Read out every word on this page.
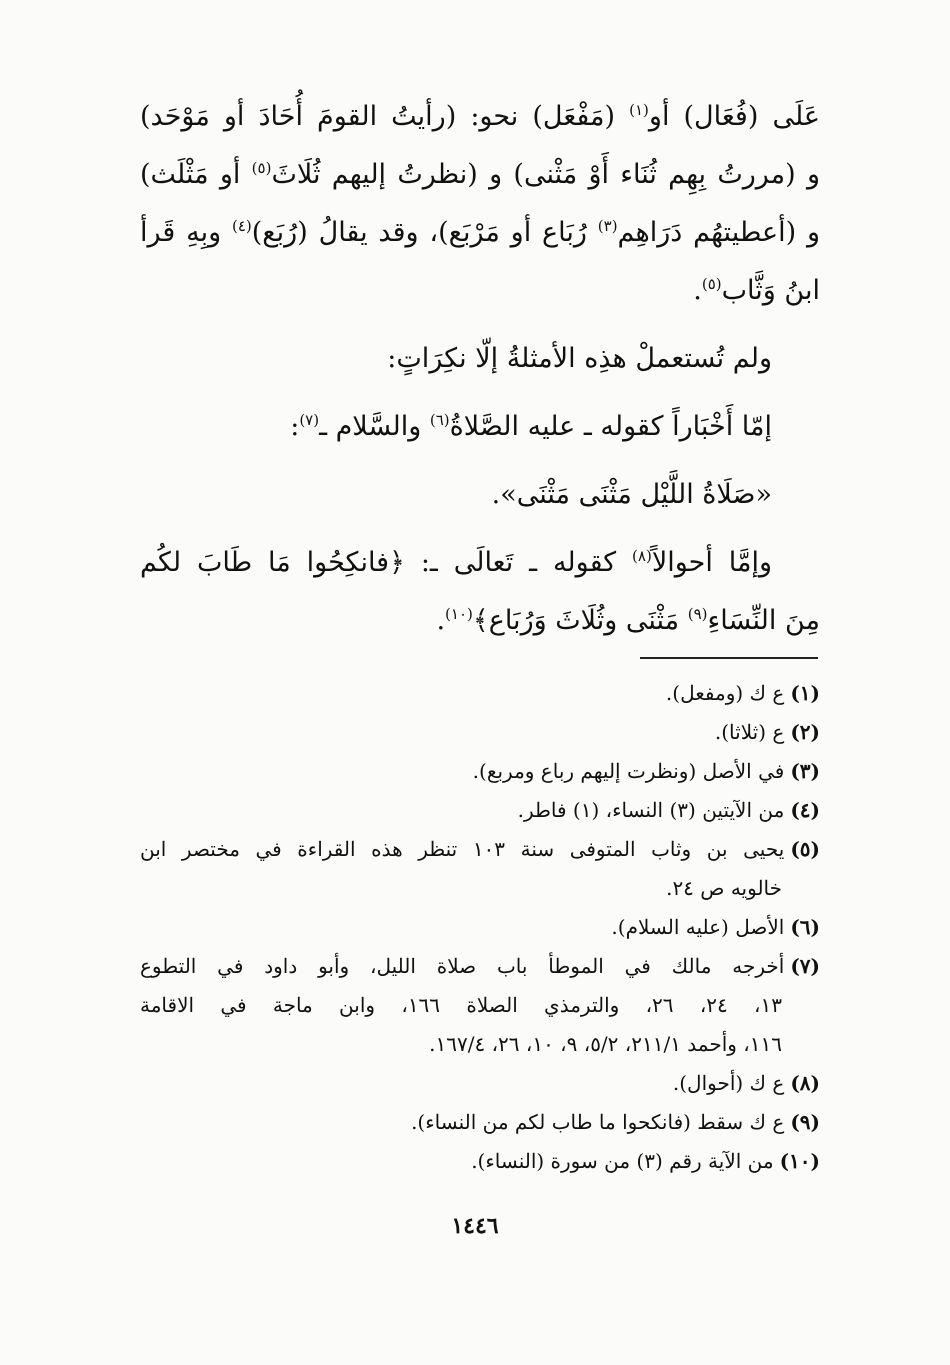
عَلَى (فُعَال) أو$^{(١)}$ (مَفْعَل) نحو: (رأيتُ القومَ أُحَادَ أو مَوْحَد)
و (مررتُ بِهِم ثُنَاء أَوْ مَثْنى) و (نظرتُ إليهم ثُلَاثَ$^{(٥)}$ أو مَثْلَث)
و (أعطيتهُم دَرَاهِم$^{(٣)}$ رُبَاع أو مَرْبَع)، وقد يقالُ (رُبَع)$^{(٤)}$ وبِهِ قَرأ
ابنُ وَثَّاب$^{(٥)}$.
ولم تُستعملْ هذِه الأمثلةُ إلّا نكِرَاتٍ:
إمّا أَخْبَاراً كقوله ـ عليه الصَّلاةُ$^{(٦)}$ والسَّلام ـ$^{(٧)}$:
«صَلَاةُ اللَّيْل مَثْنَى مَثْنَى».
وإمَّا أحوالاً$^{(٨)}$ كقوله ـ تَعالَى ـ: ﴿فانكِحُوا مَا طَابَ لكُم
مِنَ النِّسَاءِ$^{(٩)}$ مَثْنَى وثُلَاثَ وَرُبَاع﴾$^{(١٠)}$.
(١)ع ك (ومفعل).
(٢)ع (ثلاثا).
(٣)في الأصل (ونظرت إليهم رباع ومربع).
(٤)من الآيتين (٣) النساء، (١) فاطر.
(٥)يحيى بن وثاب المتوفى سنة ١٠٣ تنظر هذه القراءة في مختصر ابن
خالويه ص ٢٤.
(٦)الأصل (عليه السلام).
(٧)أخرجه مالك في الموطأ باب صلاة الليل، وأبو داود في التطوع
١٣، ٢٤، ٢٦، والترمذي الصلاة ١٦٦، وابن ماجة في الاقامة
١١٦، وأحمد ٢١١/١، ٥/٢، ٩، ١٠، ٢٦، ١٦٧/٤.
(٨)ع ك (أحوال).
(٩)ع ك سقط (فانكحوا ما طاب لكم من النساء).
(١٠)من الآية رقم (٣) من سورة (النساء).
١٤٤٦
